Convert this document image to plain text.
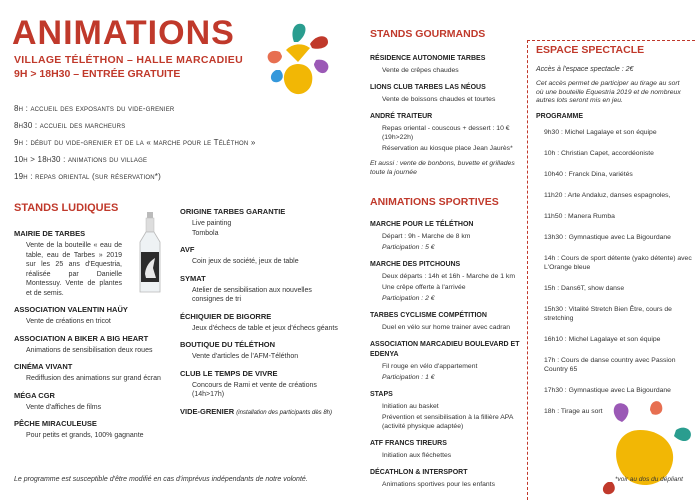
ANIMATIONS
VILLAGE TÉLÉTHON – HALLE MARCADIEU
9H > 18H30 – ENTRÉE GRATUITE
8h : accueil des exposants du vide-grenier
8h30 : accueil des marcheurs
9h : début du vide-grenier et de la « marche pour le Téléthon »
10h > 18h30 : animations du village
19h : repas oriental (sur réservation*)
STANDS LUDIQUES
MAIRIE DE TARBES
Vente de la bouteille « eau de table, eau de Tarbes » 2019 sur les 25 ans d'Equestria, réalisée par Danielle Montessuy. Vente de plantes et de semis.
ASSOCIATION VALENTIN HAÜY
Vente de créations en tricot
ASSOCIATION A BIKER A BIG HEART
Animations de sensibilisation deux roues
CINÉMA VIVANT
Rediffusion des animations sur grand écran
MÉGA CGR
Vente d'affiches de films
PÊCHE MIRACULEUSE
Pour petits et grands, 100% gagnante
ORIGINE TARBES GARANTIE
Live painting
Tombola
AVF
Coin jeux de société, jeux de table
SYMAT
Atelier de sensibilisation aux nouvelles consignes de tri
ÉCHIQUIER DE BIGORRE
Jeux d'échecs de table et jeux d'échecs géants
BOUTIQUE DU TÉLÉTHON
Vente d'articles de l'AFM-Téléthon
CLUB LE TEMPS DE VIVRE
Concours de Rami et vente de créations (14h>17h)
VIDE-GRENIER (installation des participants dès 8h)
Le programme est susceptible d'être modifié en cas d'imprévus indépendants de notre volonté.
STANDS GOURMANDS
RÉSIDENCE AUTONOMIE TARBES
Vente de crêpes chaudes
LIONS CLUB TARBES LAS NÉOUS
Vente de boissons chaudes et tourtes
ANDRÉ TRAITEUR
Repas oriental - couscous + dessert : 10 € (19h>22h)
Réservation au kiosque place Jean Jaurès*
Et aussi : vente de bonbons, buvette et grillades toute la journée
ANIMATIONS SPORTIVES
MARCHE POUR LE TÉLÉTHON
Départ : 9h - Marche de 8 km
Participation : 5 €
MARCHE DES PITCHOUNS
Deux départs : 14h et 16h - Marche de 1 km
Une crêpe offerte à l'arrivée
Participation : 2 €
TARBES CYCLISME COMPÉTITION
Duel en vélo sur home trainer avec cadran
ASSOCIATION MARCADIEU BOULEVARD ET EDENYA
Fil rouge en vélo d'appartement
Participation : 1 €
STAPS
Initiation au basket
Prévention et sensibilisation à la fillière APA (activité physique adaptée)
ATF FRANCS TIREURS
Initiation aux fléchettes
DÉCATHLON & INTERSPORT
Animations sportives pour les enfants
ESPACE SPECTACLE
Accès à l'espace spectacle : 2€
Cet accès permet de participer au tirage au sort où une bouteille Equestria 2019 et de nombreux autres lots seront mis en jeu.
PROGRAMME
9h30 : Michel Lagalaye et son équipe
10h : Christian Capet, accordéoniste
10h40 : Franck Dina, variétés
11h20 : Arte Andaluz, danses espagnoles,
11h50 : Manera Rumba
13h30 : Gymnastique avec La Bigourdane
14h : Cours de sport détente (yako détente) avec L'Orange bleue
15h : Dans6T, show danse
15h30 : Vitalité Stretch Bien Être, cours de stretching
16h10 : Michel Lagalaye et son équipe
17h : Cours de danse country avec Passion Country 65
17h30 : Gymnastique avec La Bigourdane
18h : Tirage au sort
*voir au dos du dépliant
